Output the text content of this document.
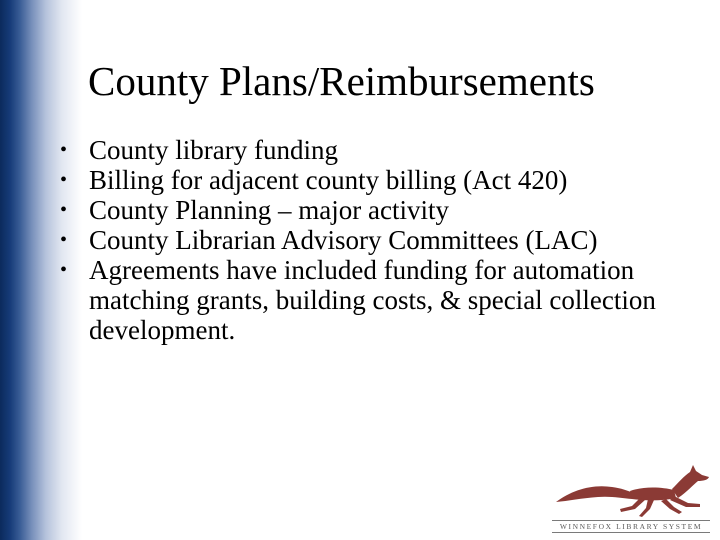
County Plans/Reimbursements
• County library funding
• Billing for adjacent county billing (Act 420)
• County Planning – major activity
• County Librarian Advisory Committees (LAC)
• Agreements have included funding for automation matching grants, building costs, & special collection development.
WINNEFOX LIBRARY SYSTEM
